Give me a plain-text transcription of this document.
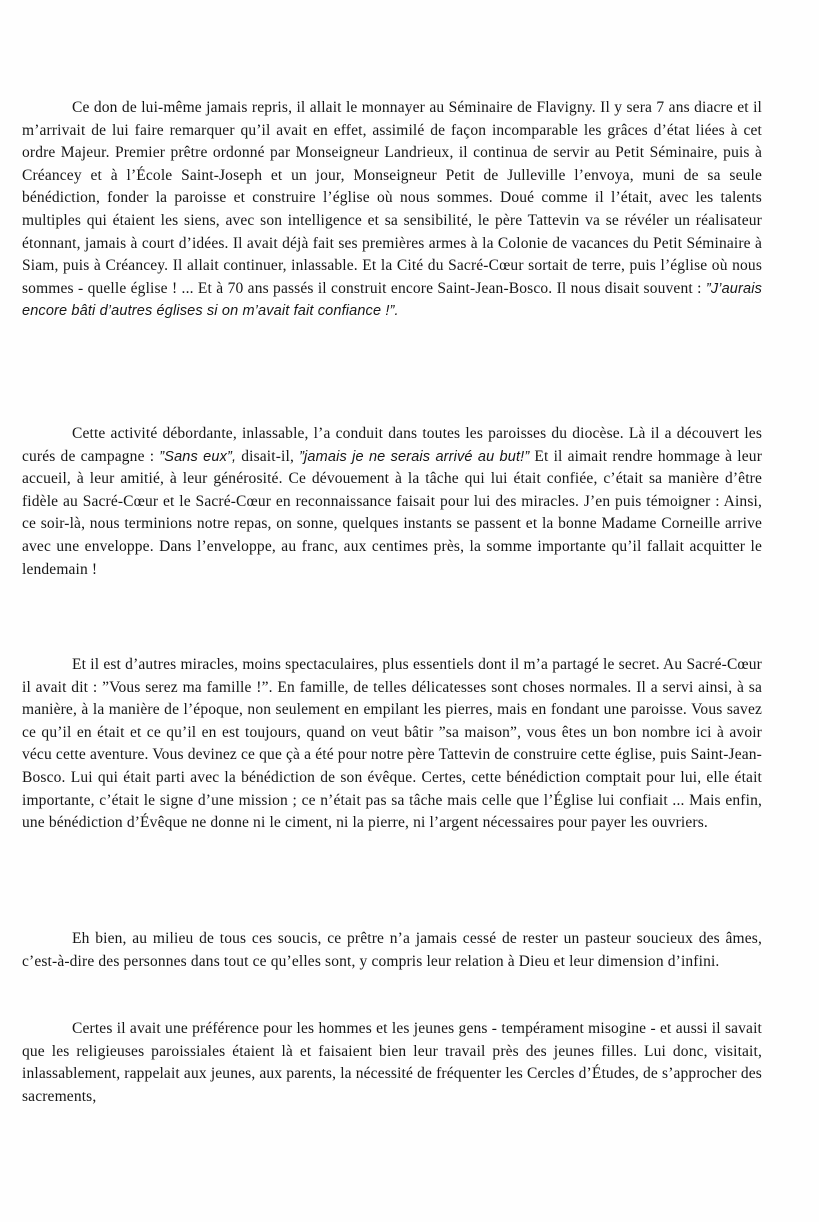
Ce don de lui-même jamais repris, il allait le monnayer au Séminaire de Flavigny. Il y sera 7 ans diacre et il m’arrivait de lui faire remarquer qu’il avait en effet, assimilé de façon incomparable les grâces d’état liées à cet ordre Majeur. Premier prêtre ordonné par Monseigneur Landrieux, il continua de servir au Petit Séminaire, puis à Créancey et à l’École Saint-Joseph et un jour, Monseigneur Petit de Julleville l’envoya, muni de sa seule bénédiction, fonder la paroisse et construire l’église où nous sommes. Doué comme il l’était, avec les talents multiples qui étaient les siens, avec son intelligence et sa sensibilité, le père Tattevin va se révéler un réalisateur étonnant, jamais à court d’idées. Il avait déjà fait ses premières armes à la Colonie de vacances du Petit Séminaire à Siam, puis à Créancey. Il allait continuer, inlassable. Et la Cité du Sacré-Cœur sortait de terre, puis l’église où nous sommes - quelle église ! ... Et à 70 ans passés il construit encore Saint-Jean-Bosco. Il nous disait souvent : ”J’aurais encore bâti d’autres églises si on m’avait fait confiance !”.

Cette activité débordante, inlassable, l’a conduit dans toutes les paroisses du diocèse. Là il a découvert les curés de campagne : ”Sans eux”, disait-il, ”jamais je ne serais arrivé au but!” Et il aimait rendre hommage à leur accueil, à leur amitié, à leur générosité. Ce dévouement à la tâche qui lui était confiée, c’était sa manière d’être fidèle au Sacré-Cœur et le Sacré-Cœur en reconnaissance faisait pour lui des miracles. J’en puis témoigner : Ainsi, ce soir-là, nous terminions notre repas, on sonne, quelques instants se passent et la bonne Madame Corneille arrive avec une enveloppe. Dans l’enveloppe, au franc, aux centimes près, la somme importante qu’il fallait acquitter le lendemain !

Et il est d’autres miracles, moins spectaculaires, plus essentiels dont il m’a partagé le secret. Au Sacré-Cœur il avait dit : ”Vous serez ma famille !”. En famille, de telles délicatesses sont choses normales. Il a servi ainsi, à sa manière, à la manière de l’époque, non seulement en empilant les pierres, mais en fondant une paroisse. Vous savez ce qu’il en était et ce qu’il en est toujours, quand on veut bâtir ”sa maison”, vous êtes un bon nombre ici à avoir vécu cette aventure. Vous devinez ce que çà a été pour notre père Tattevin de construire cette église, puis Saint-Jean-Bosco. Lui qui était parti avec la bénédiction de son évêque. Certes, cette bénédiction comptait pour lui, elle était importante, c’était le signe d’une mission ; ce n’était pas sa tâche mais celle que l’Église lui confiait ... Mais enfin, une bénédiction d’Évêque ne donne ni le ciment, ni la pierre, ni l’argent nécessaires pour payer les ouvriers.

Eh bien, au milieu de tous ces soucis, ce prêtre n’a jamais cessé de rester un pasteur soucieux des âmes, c’est-à-dire des personnes dans tout ce qu’elles sont, y compris leur relation à Dieu et leur dimension d’infini.

Certes il avait une préférence pour les hommes et les jeunes gens - tempérament misogine - et aussi il savait que les religieuses paroissiales étaient là et faisaient bien leur travail près des jeunes filles. Lui donc, visitait, inlassablement, rappelait aux jeunes, aux parents, la nécessité de fréquenter les Cercles d’Études, de s’approcher des sacrements,
